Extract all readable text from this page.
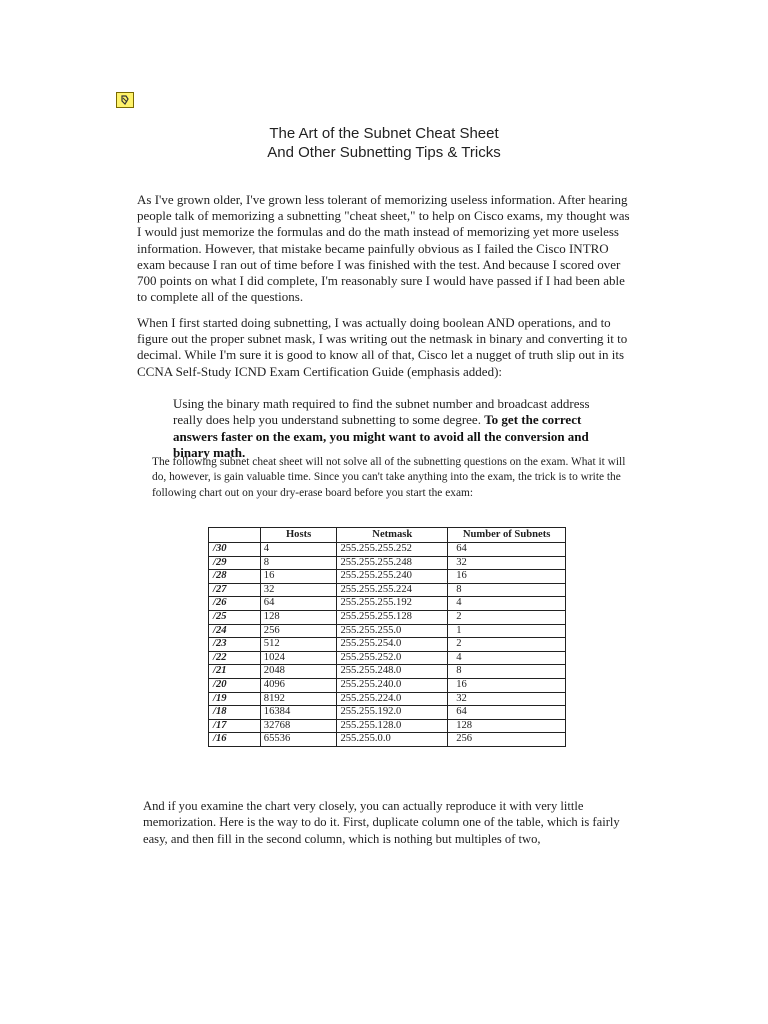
The Art of the Subnet Cheat Sheet
And Other Subnetting Tips & Tricks

As I've grown older, I've grown less tolerant of memorizing useless information. After hearing people talk of memorizing a subnetting "cheat sheet," to help on Cisco exams, my thought was I would just memorize the formulas and do the math instead of memorizing yet more useless information. However, that mistake became painfully obvious as I failed the Cisco INTRO exam because I ran out of time before I was finished with the test. And because I scored over 700 points on what I did complete, I'm reasonably sure I would have passed if I had been able to complete all of the questions.

When I first started doing subnetting, I was actually doing boolean AND operations, and to figure out the proper subnet mask, I was writing out the netmask in binary and converting it to decimal. While I'm sure it is good to know all of that, Cisco let a nugget of truth slip out in its CCNA Self-Study ICND Exam Certification Guide (emphasis added):

Using the binary math required to find the subnet number and broadcast address really does help you understand subnetting to some degree. To get the correct answers faster on the exam, you might want to avoid all the conversion and binary math.

The following subnet cheat sheet will not solve all of the subnetting questions on the exam. What it will do, however, is gain valuable time. Since you can't take anything into the exam, the trick is to write the following chart out on your dry-erase board before you start the exam:

	Hosts	Netmask	Number of Subnets
/30	4	255.255.255.252	64
/29	8	255.255.255.248	32
/28	16	255.255.255.240	16
/27	32	255.255.255.224	8
/26	64	255.255.255.192	4
/25	128	255.255.255.128	2
/24	256	255.255.255.0	1
/23	512	255.255.254.0	2
/22	1024	255.255.252.0	4
/21	2048	255.255.248.0	8
/20	4096	255.255.240.0	16
/19	8192	255.255.224.0	32
/18	16384	255.255.192.0	64
/17	32768	255.255.128.0	128
/16	65536	255.255.0.0	256

And if you examine the chart very closely, you can actually reproduce it with very little memorization. Here is the way to do it. First, duplicate column one of the table, which is fairly easy, and then fill in the second column, which is nothing but multiples of two,
